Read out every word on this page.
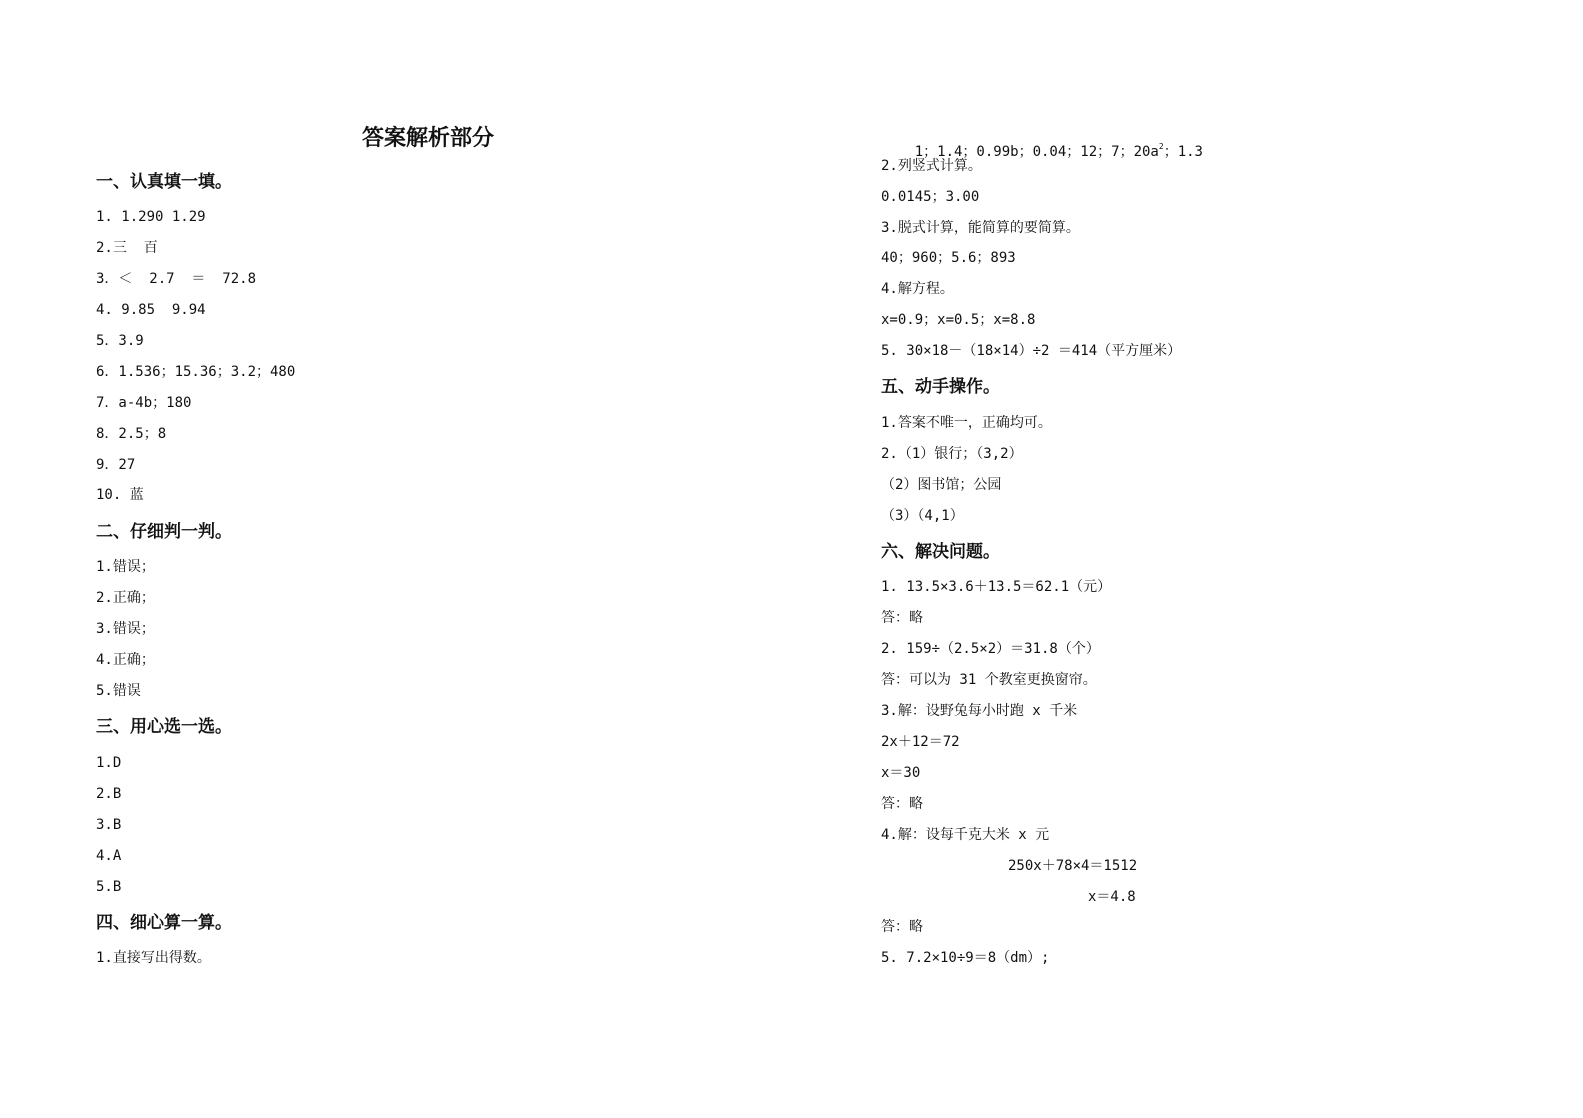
答案解析部分
一、认真填一填。
1. 1.290 1.29
2.三  百
3．＜  2.7  ＝  72.8
4. 9.85  9.94
5．3.9
6．1.536；15.36；3.2；480
7．a-4b；180
8．2.5；8
9．27
10. 蓝
二、仔细判一判。
1.错误；
2.正确；
3.错误；
4.正确；
5.错误
三、用心选一选。
1.D
2.B
3.B
4.A
5.B
四、细心算一算。
1.直接写出得数。

1；1.4；0.99b；0.04；12；7；$20a^2$；1.3

2.列竖式计算。
0.0145；3.00
3.脱式计算，能简算的要简算。
40；960；5.6；893
4.解方程。
x=0.9；x=0.5；x=8.8
5. 30×18－（18×14）÷2 ＝414（平方厘米）
五、动手操作。
1.答案不唯一，正确均可。
2.（1）银行；（3,2）
（2）图书馆；公园
（3）（4,1）
六、解决问题。
1. 13.5×3.6＋13.5＝62.1（元）
答：略
2. 159÷（2.5×2）＝31.8（个）
答：可以为 31 个教室更换窗帘。
3.解：设野兔每小时跑 x 千米
2x＋12＝72
x＝30
答：略
4.解：设每千克大米 x 元
250x＋78×4＝1512
x＝4.8
答：略
5. 7.2×10÷9＝8（dm）;
